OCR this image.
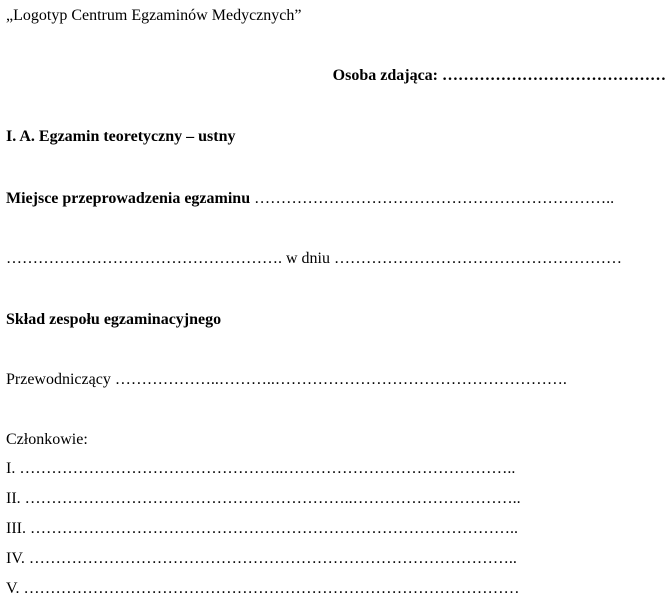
„Logotyp Centrum Egzaminów Medycznych”
Osoba zdająca: ……………………………………
I. A. Egzamin teoretyczny – ustny
Miejsce przeprowadzenia egzaminu …………………………………………………………..
……………………………………………. w dniu ………………………………………………
Skład zespołu egzaminacyjnego
Przewodniczący ………………..………..……………………………………………….
Członkowie:
I. …………………………………………..……………………………………..
II. ……………………………………………………..…………………………..
III. ………………………………………………………………………………..
IV. ………………………………………………………………………………..
V. …………………………………………………………………………………
